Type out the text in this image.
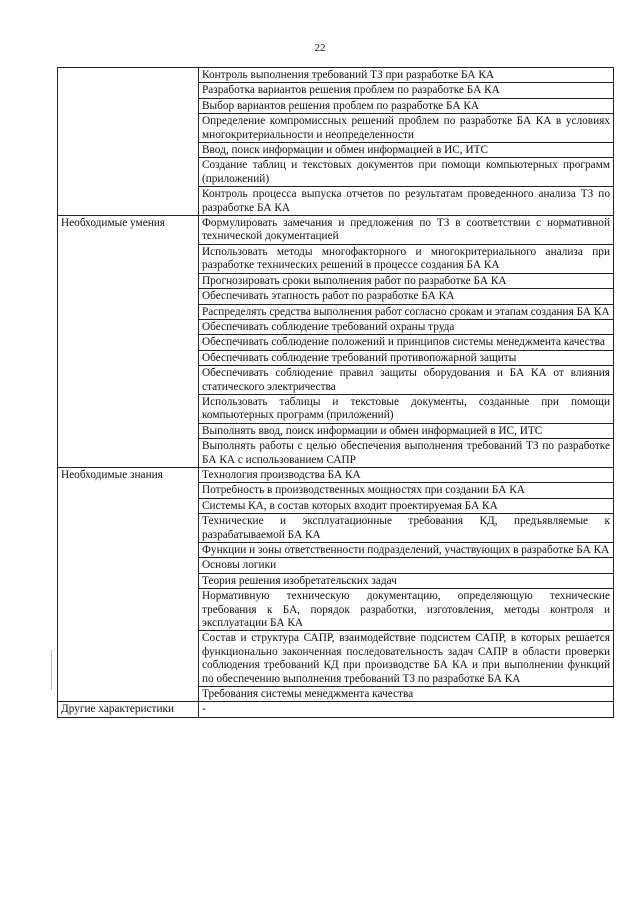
22
	Контроль выполнения требований ТЗ при разработке БА КА
	Разработка вариантов решения проблем по разработке БА КА
	Выбор вариантов решения проблем по разработке БА КА
	Определение компромиссных решений проблем по разработке БА КА в условиях многокритериальности и неопределенности
	Ввод, поиск информации и обмен информацией в ИС, ИТС
	Создание таблиц и текстовых документов при помощи компьютерных программ (приложений)
	Контроль процесса выпуска отчетов по результатам проведенного анализа ТЗ по разработке БА КА
Необходимые умения	Формулировать замечания и предложения по ТЗ в соответствии с нормативной технической документацией
	Использовать методы многофакторного и многокритериального анализа при разработке технических решений в процессе создания БА КА
	Прогнозировать сроки выполнения работ по разработке БА КА
	Обеспечивать этапность работ по разработке БА КА
	Распределять средства выполнения работ согласно срокам и этапам создания БА КА
	Обеспечивать соблюдение требований охраны труда
	Обеспечивать соблюдение положений и принципов системы менеджмента качества
	Обеспечивать соблюдение требований противопожарной защиты
	Обеспечивать соблюдение правил защиты оборудования и БА КА от влияния статического электричества
	Использовать таблицы и текстовые документы, созданные при помощи компьютерных программ (приложений)
	Выполнять ввод, поиск информации и обмен информацией в ИС, ИТС
	Выполнять работы с целью обеспечения выполнения требований ТЗ по разработке БА КА с использованием САПР
Необходимые знания	Технология производства БА КА
	Потребность в производственных мощностях при создании БА КА
	Системы КА, в состав которых входит проектируемая БА КА
	Технические и эксплуатационные требования КД, предъявляемые к разрабатываемой БА КА
	Функции и зоны ответственности подразделений, участвующих в разработке БА КА
	Основы логики
	Теория решения изобретательских задач
	Нормативную техническую документацию, определяющую технические требования к БА, порядок разработки, изготовления, методы контроля и эксплуатации БА КА
	Состав и структура САПР, взаимодействие подсистем САПР, в которых решается функционально законченная последовательность задач САПР в области проверки соблюдения требований КД при производстве БА КА и при выполнении функций по обеспечению выполнения требований ТЗ по разработке БА КА
	Требования системы менеджмента качества
Другие характеристики	-
